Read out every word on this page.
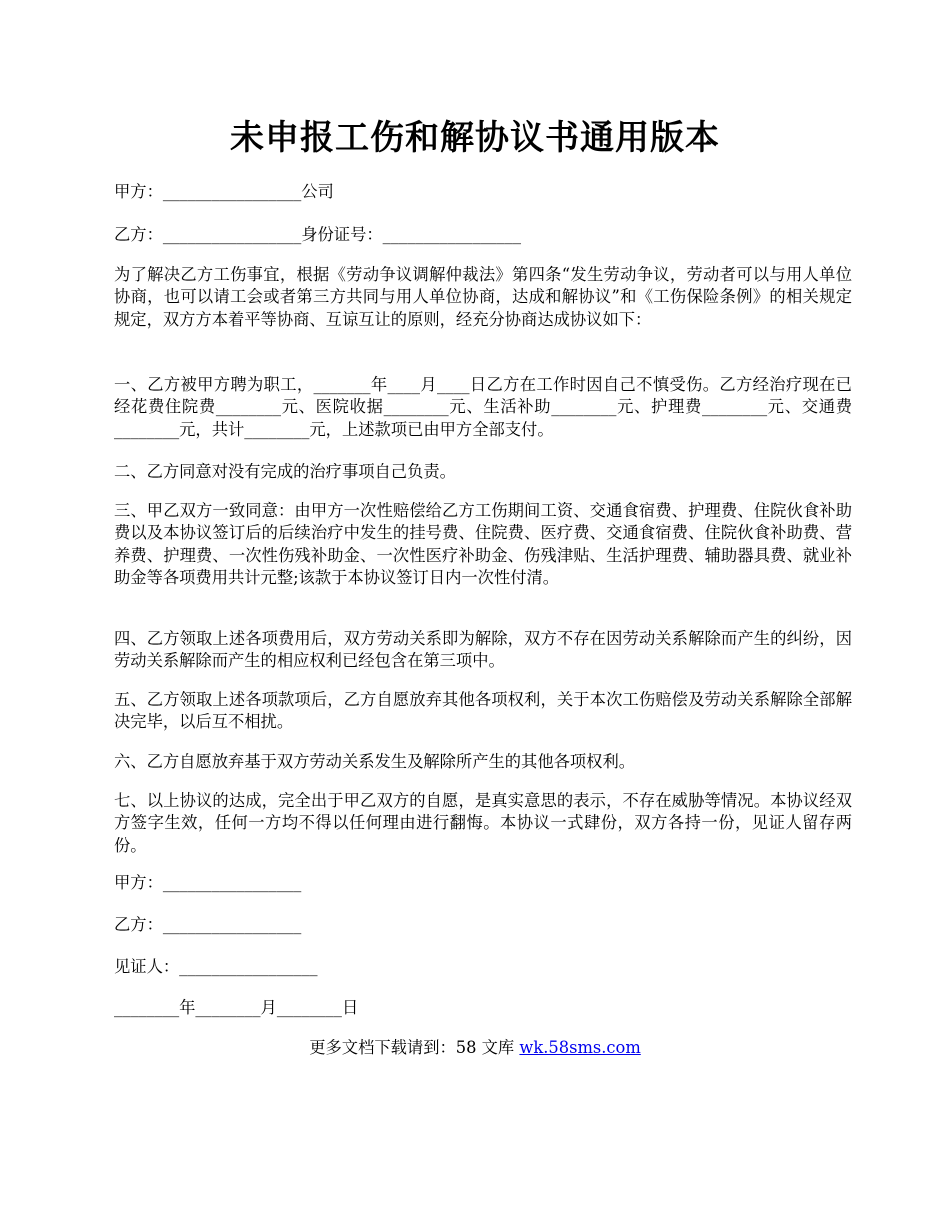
未申报工伤和解协议书通用版本
甲方：_________________公司
乙方：_________________身份证号：_________________
为了解决乙方工伤事宜，根据《劳动争议调解仲裁法》第四条“发生劳动争议，劳动者可以与用人单位协商，也可以请工会或者第三方共同与用人单位协商，达成和解协议”和《工伤保险条例》的相关规定规定，双方方本着平等协商、互谅互让的原则，经充分协商达成协议如下：
一、乙方被甲方聘为职工，_______年____月____日乙方在工作时因自己不慎受伤。乙方经治疗现在已经花费住院费________元、医院收据________元、生活补助________元、护理费________元、交通费________元，共计________元，上述款项已由甲方全部支付。
二、乙方同意对没有完成的治疗事项自己负责。
三、甲乙双方一致同意：由甲方一次性赔偿给乙方工伤期间工资、交通食宿费、护理费、住院伙食补助费以及本协议签订后的后续治疗中发生的挂号费、住院费、医疗费、交通食宿费、住院伙食补助费、营养费、护理费、一次性伤残补助金、一次性医疗补助金、伤残津贴、生活护理费、辅助器具费、就业补助金等各项费用共计元整;该款于本协议签订日内一次性付清。
四、乙方领取上述各项费用后，双方劳动关系即为解除，双方不存在因劳动关系解除而产生的纠纷，因劳动关系解除而产生的相应权利已经包含在第三项中。
五、乙方领取上述各项款项后，乙方自愿放弃其他各项权利，关于本次工伤赔偿及劳动关系解除全部解决完毕，以后互不相扰。
六、乙方自愿放弃基于双方劳动关系发生及解除所产生的其他各项权利。
七、以上协议的达成，完全出于甲乙双方的自愿，是真实意思的表示，不存在威胁等情况。本协议经双方签字生效，任何一方均不得以任何理由进行翻悔。本协议一式肆份，双方各持一份，见证人留存两份。
甲方：_________________
乙方：_________________
见证人：_________________
________年________月________日
更多文档下载请到：58 文库 wk.58sms.com
